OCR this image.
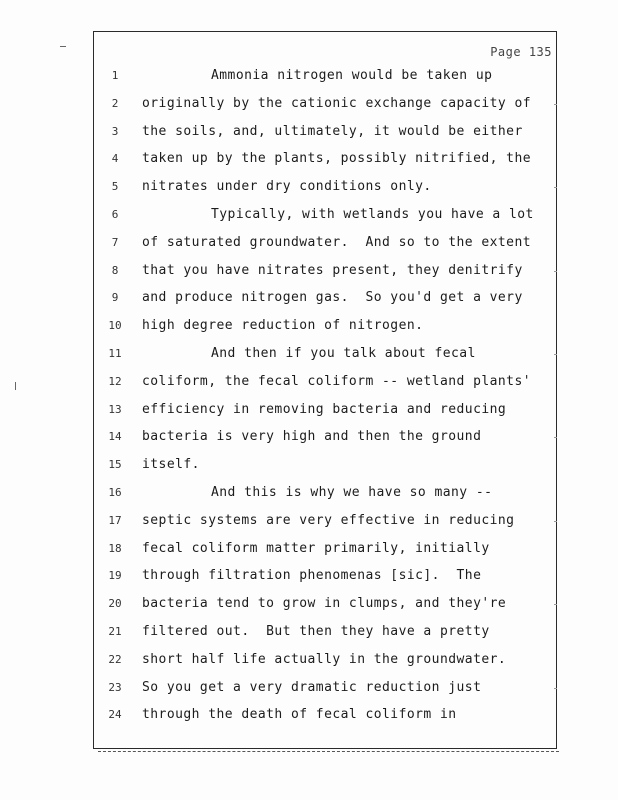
Page 135
1	Ammonia nitrogen would be taken up
2	originally by the cationic exchange capacity of
3	the soils, and, ultimately, it would be either
4	taken up by the plants, possibly nitrified, the
5	nitrates under dry conditions only.
6	Typically, with wetlands you have a lot
7	of saturated groundwater.  And so to the extent
8	that you have nitrates present, they denitrify
9	and produce nitrogen gas.  So you'd get a very
10 high degree reduction of nitrogen.
11	And then if you talk about fecal
12 coliform, the fecal coliform -- wetland plants'
13 efficiency in removing bacteria and reducing
14 bacteria is very high and then the ground
15 itself.
16	And this is why we have so many --
17 septic systems are very effective in reducing
18 fecal coliform matter primarily, initially
19 through filtration phenomenas [sic].  The
20 bacteria tend to grow in clumps, and they're
21 filtered out.  But then they have a pretty
22 short half life actually in the groundwater.
23 So you get a very dramatic reduction just
24 through the death of fecal coliform in
